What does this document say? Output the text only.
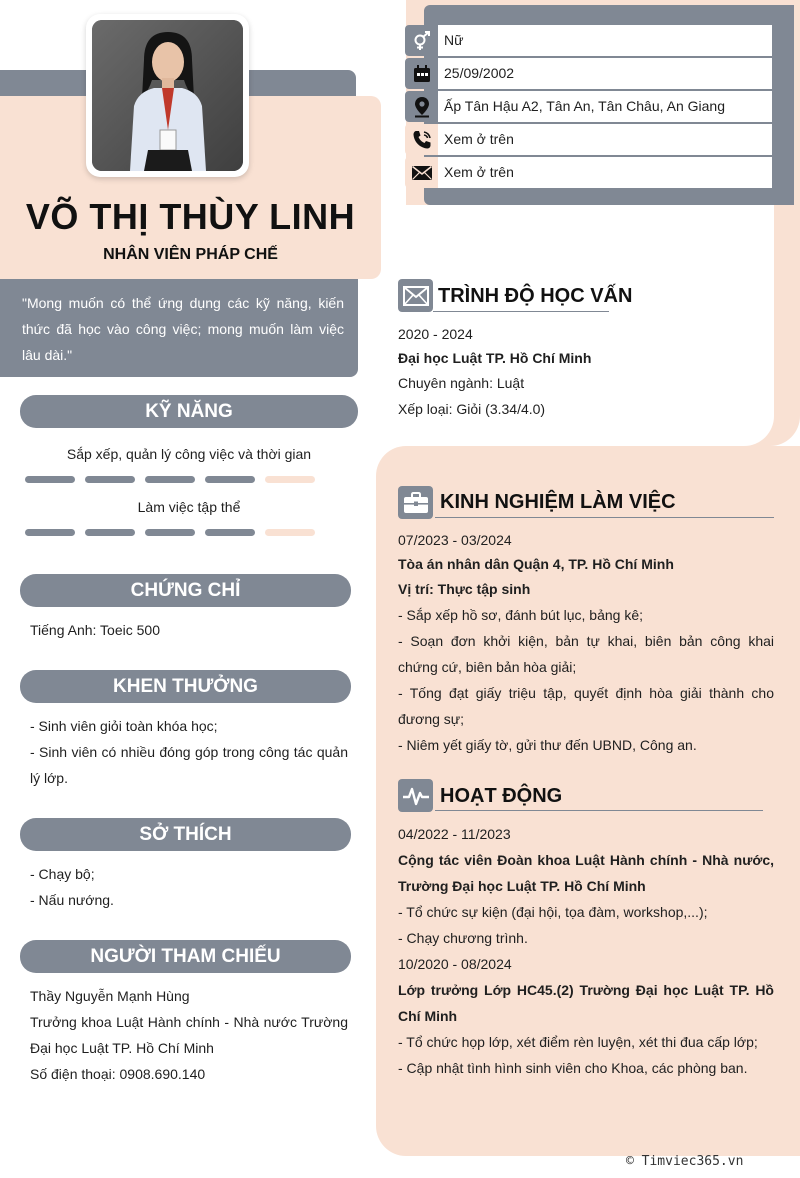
VÕ THỊ THÙY LINH
NHÂN VIÊN PHÁP CHẾ
"Mong muốn có thể ứng dụng các kỹ năng, kiến thức đã học vào công việc; mong muốn làm việc lâu dài."
Nữ
25/09/2002
Ấp Tân Hậu A2, Tân An, Tân Châu, An Giang
Xem ở trên
Xem ở trên
KỸ NĂNG
Sắp xếp, quản lý công việc và thời gian
Làm việc tập thể
CHỨNG CHỈ
Tiếng Anh: Toeic 500
KHEN THƯỞNG
- Sinh viên giỏi toàn khóa học;
- Sinh viên có nhiều đóng góp trong công tác quản lý lớp.
SỞ THÍCH
- Chạy bộ;
- Nấu nướng.
NGƯỜI THAM CHIẾU
Thầy Nguyễn Mạnh Hùng
Trưởng khoa Luật Hành chính - Nhà nước Trường Đại học Luật TP. Hồ Chí Minh
Số điện thoại: 0908.690.140
TRÌNH ĐỘ HỌC VẤN
2020 - 2024
Đại học Luật TP. Hồ Chí Minh
Chuyên ngành: Luật
Xếp loại: Giỏi (3.34/4.0)
KINH NGHIỆM LÀM VIỆC
07/2023 - 03/2024
Tòa án nhân dân Quận 4, TP. Hồ Chí Minh
Vị trí: Thực tập sinh
- Sắp xếp hồ sơ, đánh bút lục, bảng kê;
- Soạn đơn khởi kiện, bản tự khai, biên bản công khai chứng cứ, biên bản hòa giải;
- Tống đạt giấy triệu tập, quyết định hòa giải thành cho đương sự;
- Niêm yết giấy tờ, gửi thư đến UBND, Công an.
HOẠT ĐỘNG
04/2022 - 11/2023
Cộng tác viên Đoàn khoa Luật Hành chính - Nhà nước, Trường Đại học Luật TP. Hồ Chí Minh
- Tổ chức sự kiện (đại hội, tọa đàm, workshop,...);
- Chạy chương trình.
10/2020 - 08/2024
Lớp trưởng Lớp HC45.(2) Trường Đại học Luật TP. Hồ Chí Minh
- Tổ chức họp lớp, xét điểm rèn luyện, xét thi đua cấp lớp;
- Cập nhật tình hình sinh viên cho Khoa, các phòng ban.
© Timviec365.vn
